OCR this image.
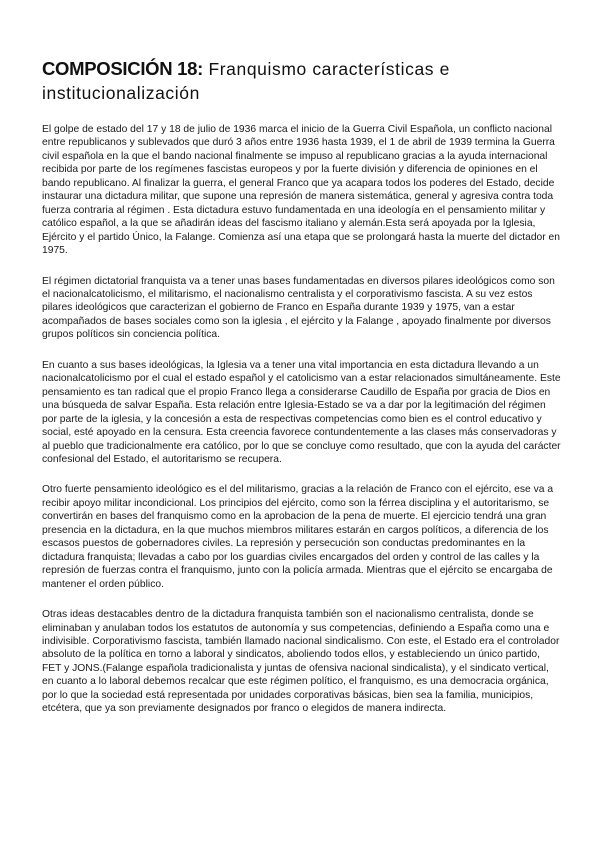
COMPOSICIÓN 18: Franquismo características e institucionalización

El golpe de estado del 17 y 18 de julio de 1936 marca el inicio de la Guerra Civil Española, un conflicto nacional entre republicanos y sublevados que duró 3 años entre 1936 hasta 1939, el 1 de abril de 1939 termina la Guerra civil española en la que el bando nacional finalmente se impuso al republicano gracias a la ayuda internacional recibida por parte de los regímenes fascistas europeos y por la fuerte división y diferencia de opiniones en el bando republicano. Al finalizar la guerra, el general Franco que ya acapara todos los poderes del Estado, decide instaurar una dictadura militar, que supone una represión de manera sistemática, general y agresiva contra toda fuerza contraria al régimen . Esta dictadura estuvo fundamentada en una ideología en el pensamiento militar y católico español, a la que se añadirán ideas del fascismo italiano y alemán.Esta será apoyada por la Iglesia, Ejército y el partido Único, la Falange. Comienza así una etapa que se prolongará hasta la muerte del dictador en 1975.

El régimen dictatorial franquista va a tener unas bases fundamentadas en diversos pilares ideológicos como son el nacionalcatolicismo, el militarismo, el nacionalismo centralista y el corporativismo fascista. A su vez estos pilares ideológicos que caracterizan el gobierno de Franco en España durante 1939 y 1975, van a estar acompañados de bases sociales como son la iglesia , el ejército y la Falange , apoyado finalmente por diversos grupos políticos sin conciencia política.

En cuanto a sus bases ideológicas, la Iglesia va a tener una vital importancia en esta dictadura llevando a un nacionalcatolicismo por el cual el estado español y el catolicismo van a estar relacionados simultáneamente. Este pensamiento es tan radical que el propio Franco llega a considerarse Caudillo de España por gracia de Dios en una búsqueda de salvar España. Esta relación entre Iglesia-Estado se va a dar por la legitimación del régimen por parte de la iglesia, y la concesión a esta de respectivas competencias como bien es el control educativo y social, esté apoyado en la censura. Esta creencia favorece contundentemente a las clases más conservadoras y al pueblo que tradicionalmente era católico, por lo que se concluye como resultado, que con la ayuda del carácter confesional del Estado, el autoritarismo se recupera.

Otro fuerte pensamiento ideológico es el del militarismo, gracias a la relación de Franco con el ejército, ese va a recibir apoyo militar incondicional. Los principios del ejército, como son la férrea disciplina y el autoritarismo, se convertirán en bases del franquismo como en la aprobacion de la pena de muerte. El ejercicio tendrá una gran presencia en la dictadura, en la que muchos miembros militares estarán en cargos políticos, a diferencia de los escasos puestos de gobernadores civiles. La represión y persecución son conductas predominantes en la dictadura franquista; llevadas a cabo por los guardias civiles encargados del orden y control de las calles y la represión de fuerzas contra el franquismo, junto con la policía armada. Mientras que el ejército se encargaba de mantener el orden público.

Otras ideas destacables dentro de la dictadura franquista también son el nacionalismo centralista, donde se eliminaban y anulaban todos los estatutos de autonomía y sus competencias, definiendo a España como una e indivisible. Corporativismo fascista, también llamado nacional sindicalismo. Con este, el Estado era el controlador absoluto de la política en torno a laboral y sindicatos, aboliendo todos ellos, y estableciendo un único partido, FET y JONS.(Falange española tradicionalista y juntas de ofensiva nacional sindicalista), y el sindicato vertical, en cuanto a lo laboral debemos recalcar que este régimen político, el franquismo, es una democracia orgánica, por lo que la sociedad está representada por unidades corporativas básicas, bien sea la familia, municipios, etcétera, que ya son previamente designados por franco o elegidos de manera indirecta.
